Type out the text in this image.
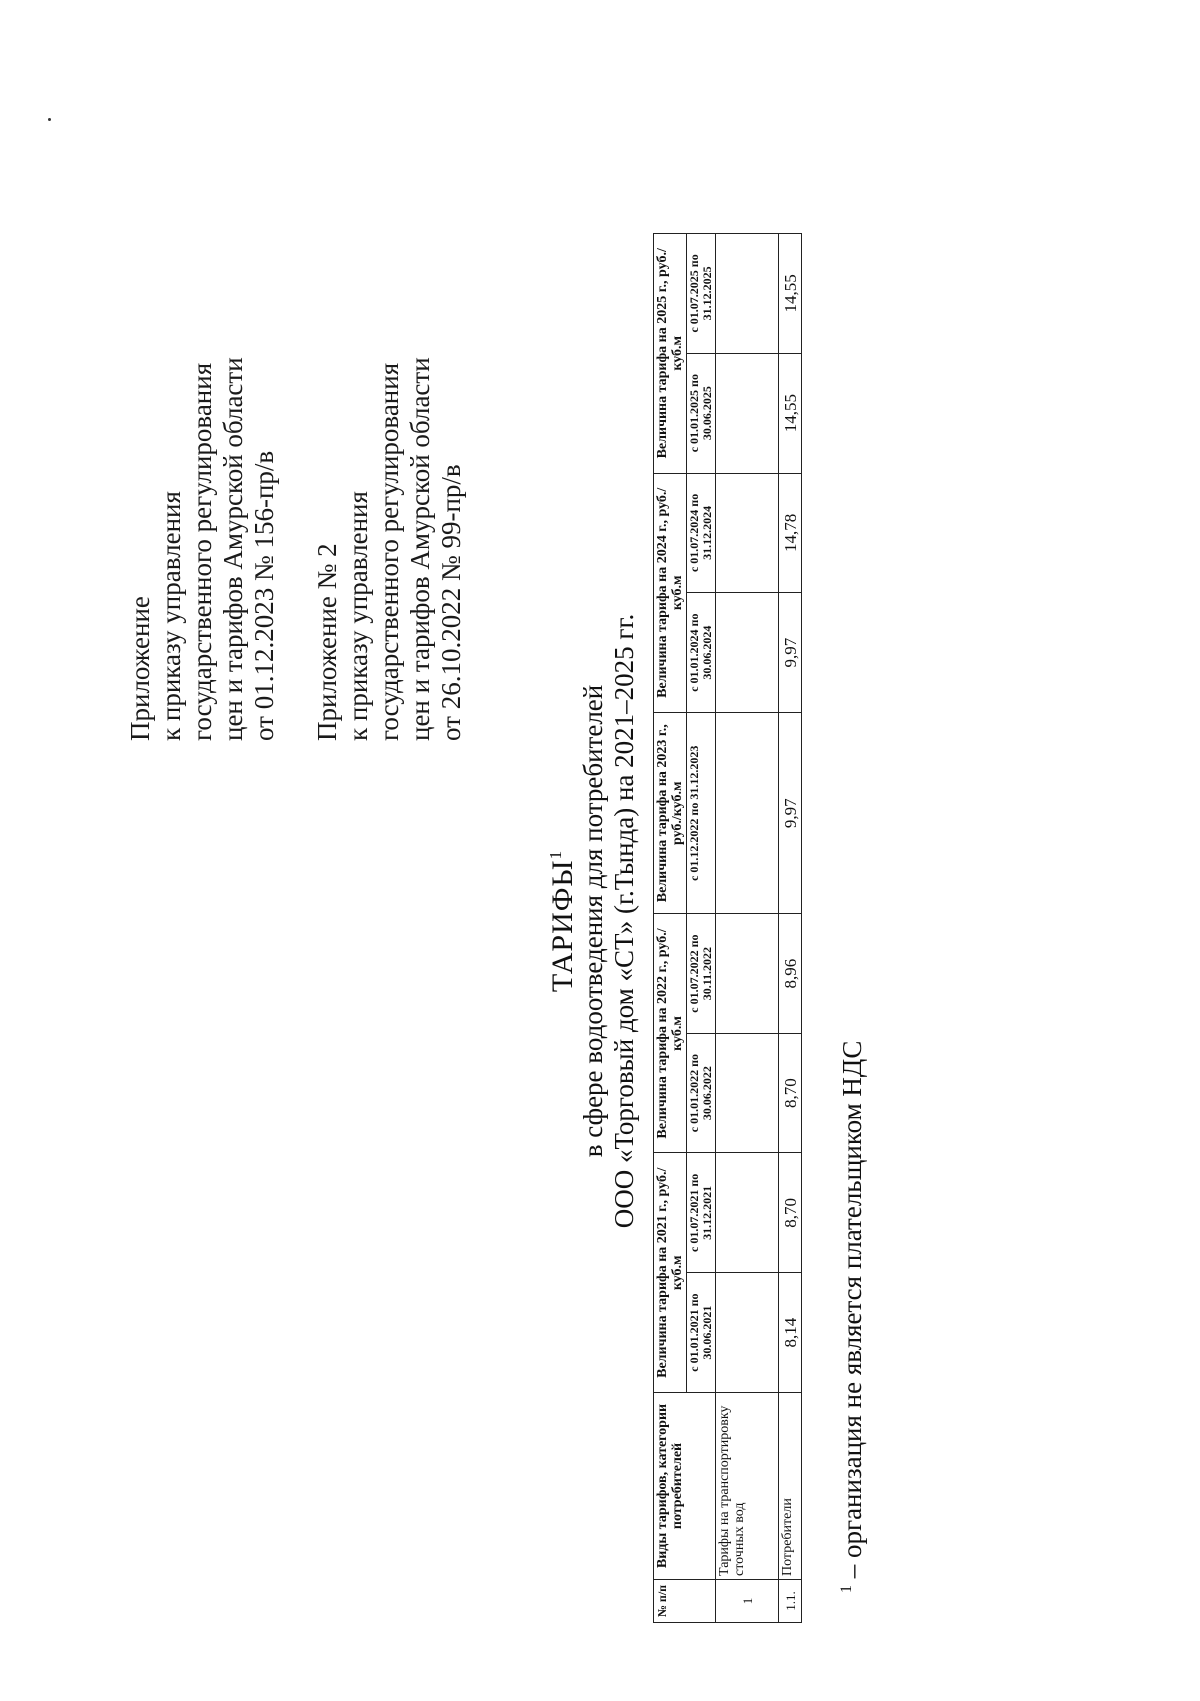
Приложение к приказу управления государственного регулирования цен и тарифов Амурской области от 01.12.2023 № 156-пр/в Приложение № 2 к приказу управления государственного регулирования цен и тарифов Амурской области от 26.10.2022 № 99-пр/в
ТАРИФЫ$^1$ в сфере водоотведения для потребителей ООО «Торговый дом «СТ» (г.Тында) на 2021–2025 гг.
№ п/п	Виды тарифов, категории потребителей	Величина тарифа на 2021 г., руб./куб.м		Величина тарифа на 2022 г., руб./куб.м		Величина тарифа на 2023 г., руб./куб.м	Величина тарифа на 2024 г., руб./куб.м		Величина тарифа на 2025 г., руб./куб.м	
		с 01.01.2021 по 30.06.2021	с 01.07.2021 по 31.12.2021	с 01.01.2022 по 30.06.2022	с 01.07.2022 по 30.11.2022	с 01.12.2022 по 31.12.2023	с 01.01.2024 по 30.06.2024	с 01.07.2024 по 31.12.2024	с 01.01.2025 по 30.06.2025	с 01.07.2025 по 31.12.2025
1	Тарифы на транспортировку сточных вод									
1.1.	Потребители	8,14	8,70	8,70	8,96	9,97	9,97	14,78	14,55	14,55
$^1$ – организация не является плательщиком НДС
